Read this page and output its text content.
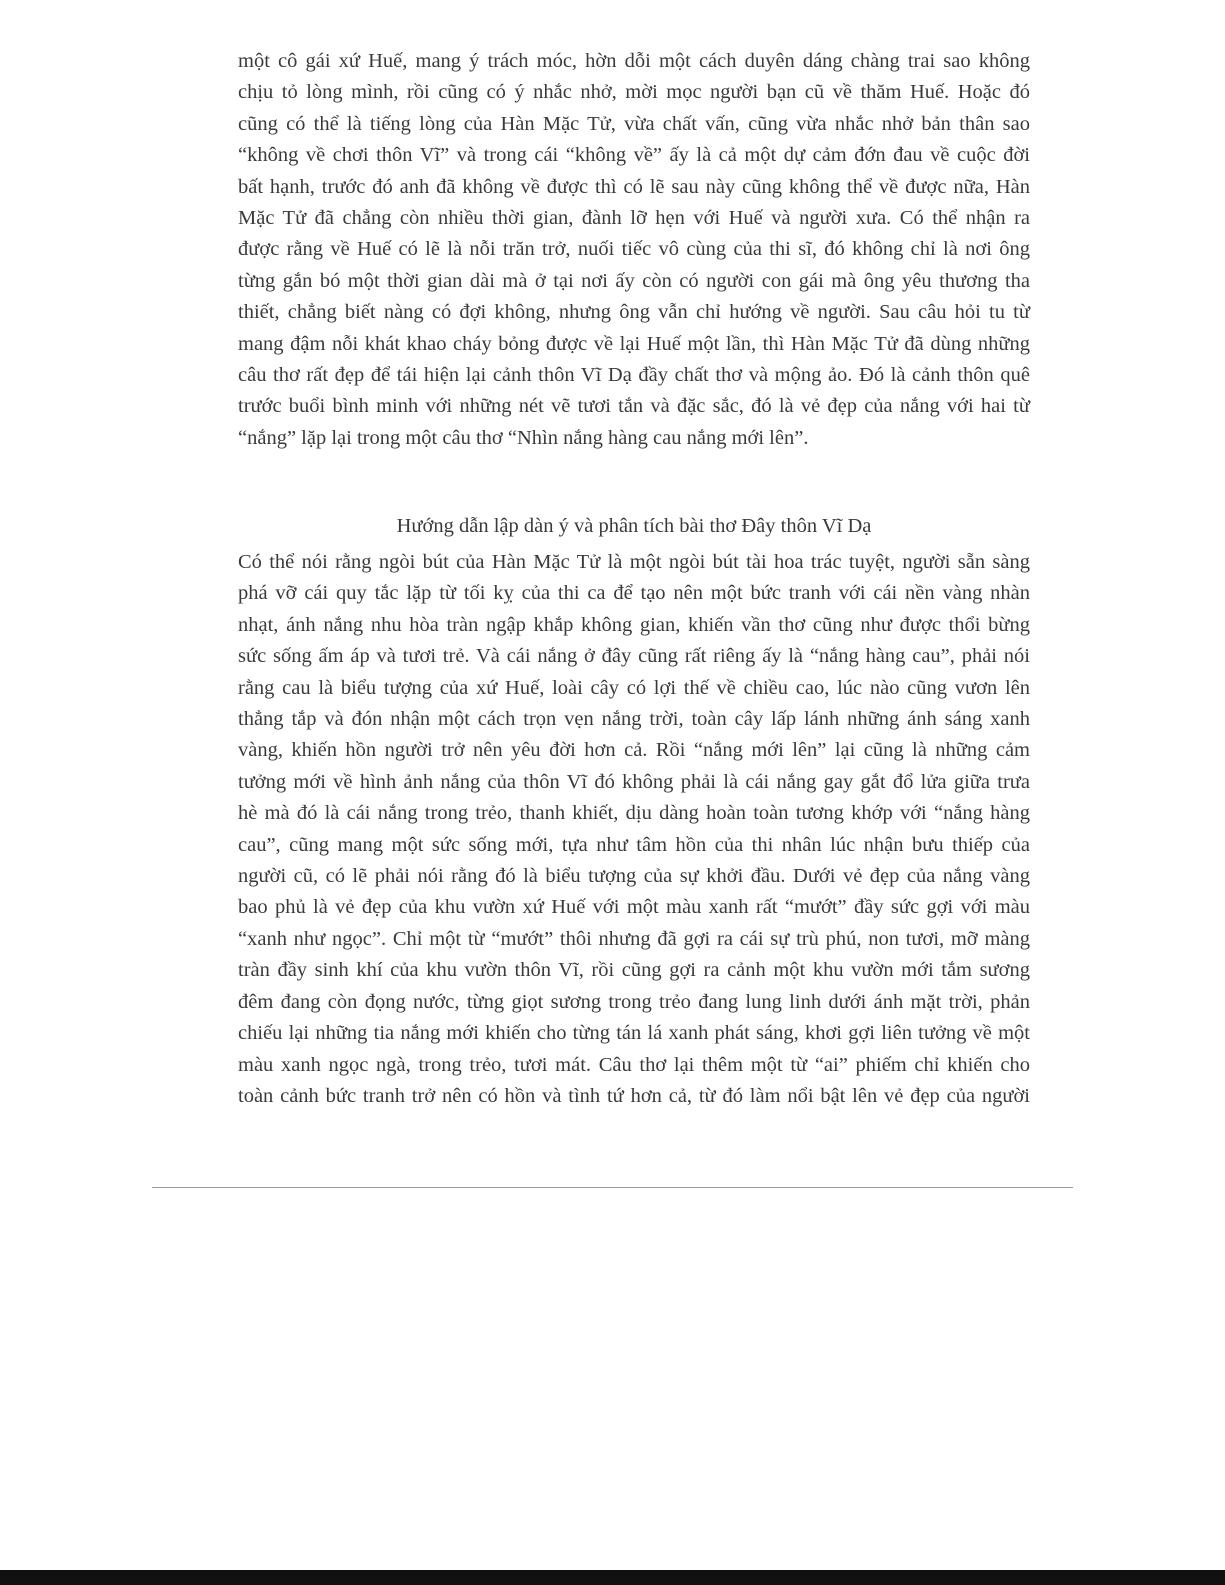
một cô gái xứ Huế, mang ý trách móc, hờn dỗi một cách duyên dáng chàng trai sao không
chịu tỏ lòng mình, rồi cũng có ý nhắc nhở, mời mọc người bạn cũ về thăm Huế. Hoặc đó
cũng có thể là tiếng lòng của Hàn Mặc Tử, vừa chất vấn, cũng vừa nhắc nhở bản thân sao
“không về chơi thôn Vĩ” và trong cái “không về” ấy là cả một dự cảm đớn đau về cuộc đời
bất hạnh, trước đó anh đã không về được thì có lẽ sau này cũng không thể về được nữa, Hàn
Mặc Tử đã chẳng còn nhiều thời gian, đành lỡ hẹn với Huế và người xưa. Có thể nhận ra
được rằng về Huế có lẽ là nỗi trăn trở, nuối tiếc vô cùng của thi sĩ, đó không chỉ là nơi ông
từng gắn bó một thời gian dài mà ở tại nơi ấy còn có người con gái mà ông yêu thương tha
thiết, chẳng biết nàng có đợi không, nhưng ông vẫn chỉ hướng về người. Sau câu hỏi tu từ
mang đậm nỗi khát khao cháy bỏng được về lại Huế một lần, thì Hàn Mặc Tử đã dùng những
câu thơ rất đẹp để tái hiện lại cảnh thôn Vĩ Dạ đầy chất thơ và mộng ảo. Đó là cảnh thôn quê
trước buổi bình minh với những nét vẽ tươi tắn và đặc sắc, đó là vẻ đẹp của nắng với hai từ
“nắng” lặp lại trong một câu thơ “Nhìn nắng hàng cau nắng mới lên”.
Hướng dẫn lập dàn ý và phân tích bài thơ Đây thôn Vĩ Dạ
Có thể nói rằng ngòi bút của Hàn Mặc Tử là một ngòi bút tài hoa trác tuyệt, người sẵn sàng
phá vỡ cái quy tắc lặp từ tối kỵ của thi ca để tạo nên một bức tranh với cái nền vàng nhàn
nhạt, ánh nắng nhu hòa tràn ngập khắp không gian, khiến vần thơ cũng như được thổi bừng
sức sống ấm áp và tươi trẻ. Và cái nắng ở đây cũng rất riêng ấy là “nắng hàng cau”, phải nói
rằng cau là biểu tượng của xứ Huế, loài cây có lợi thế về chiều cao, lúc nào cũng vươn lên
thẳng tắp và đón nhận một cách trọn vẹn nắng trời, toàn cây lấp lánh những ánh sáng xanh
vàng, khiến hồn người trở nên yêu đời hơn cả. Rồi “nắng mới lên” lại cũng là những cảm
tưởng mới về hình ảnh nắng của thôn Vĩ đó không phải là cái nắng gay gắt đổ lửa giữa trưa
hè mà đó là cái nắng trong trẻo, thanh khiết, dịu dàng hoàn toàn tương khớp với “nắng hàng
cau”, cũng mang một sức sống mới, tựa như tâm hồn của thi nhân lúc nhận bưu thiếp của
người cũ, có lẽ phải nói rằng đó là biểu tượng của sự khởi đầu. Dưới vẻ đẹp của nắng vàng
bao phủ là vẻ đẹp của khu vườn xứ Huế với một màu xanh rất “mướt” đầy sức gợi với màu
“xanh như ngọc”. Chỉ một từ “mướt” thôi nhưng đã gợi ra cái sự trù phú, non tươi, mỡ màng
tràn đầy sinh khí của khu vườn thôn Vĩ, rồi cũng gợi ra cảnh một khu vườn mới tắm sương
đêm đang còn đọng nước, từng giọt sương trong trẻo đang lung linh dưới ánh mặt trời, phản
chiếu lại những tia nắng mới khiến cho từng tán lá xanh phát sáng, khơi gợi liên tưởng về một
màu xanh ngọc ngà, trong trẻo, tươi mát. Câu thơ lại thêm một từ “ai” phiếm chỉ khiến cho
toàn cảnh bức tranh trở nên có hồn và tình tứ hơn cả, từ đó làm nổi bật lên vẻ đẹp của người
